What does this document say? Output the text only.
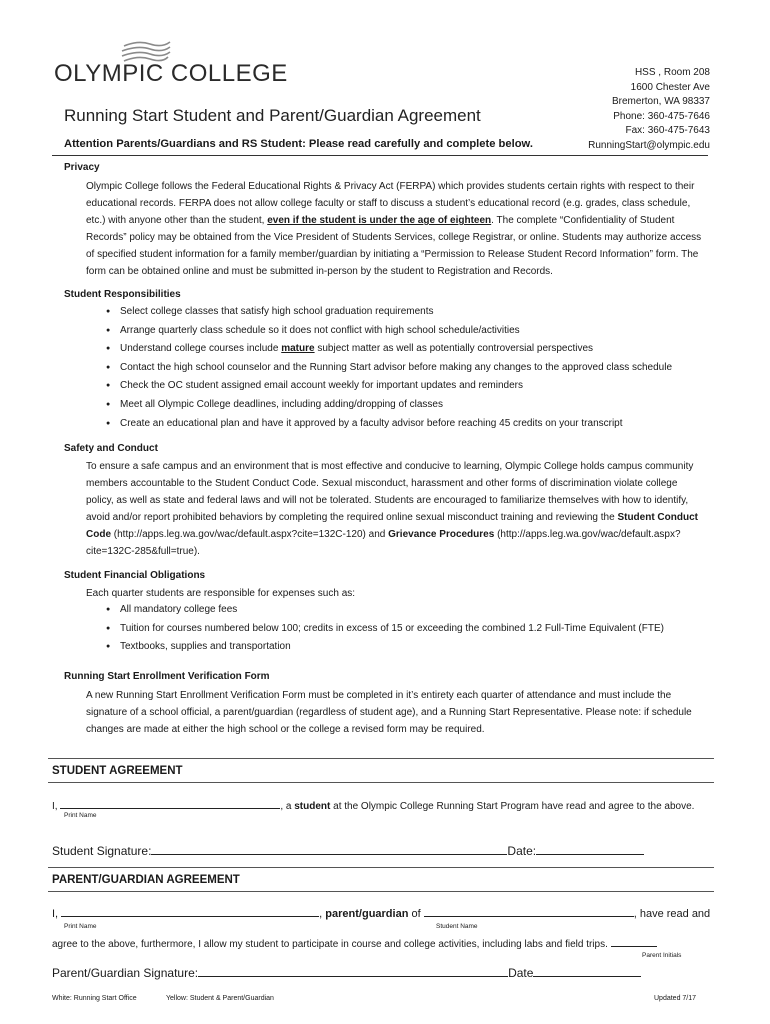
OLYMPIC COLLEGE	HSS , Room 208
1600 Chester Ave
Bremerton, WA 98337
Phone: 360-475-7646
Fax: 360-475-7643
RunningStart@olympic.edu
Running Start Student and Parent/Guardian Agreement
Attention Parents/Guardians and RS Student: Please read carefully and complete below.
Privacy
Olympic College follows the Federal Educational Rights & Privacy Act (FERPA) which provides students certain rights with respect to their educational records. FERPA does not allow college faculty or staff to discuss a student’s educational record (e.g. grades, class schedule, etc.) with anyone other than the student, even if the student is under the age of eighteen. The complete “Confidentiality of Student Records” policy may be obtained from the Vice President of Students Services, college Registrar, or online. Students may authorize access of specified student information for a family member/guardian by initiating a “Permission to Release Student Record Information” form. The form can be obtained online and must be submitted in-person by the student to Registration and Records.
Student Responsibilities
● Select college classes that satisfy high school graduation requirements
● Arrange quarterly class schedule so it does not conflict with high school schedule/activities
● Understand college courses include mature subject matter as well as potentially controversial perspectives
● Contact the high school counselor and the Running Start advisor before making any changes to the approved class schedule
● Check the OC student assigned email account weekly for important updates and reminders
● Meet all Olympic College deadlines, including adding/dropping of classes
● Create an educational plan and have it approved by a faculty advisor before reaching 45 credits on your transcript
Safety and Conduct
To ensure a safe campus and an environment that is most effective and conducive to learning, Olympic College holds campus community members accountable to the Student Conduct Code. Sexual misconduct, harassment and other forms of discrimination violate college policy, as well as state and federal laws and will not be tolerated. Students are encouraged to familiarize themselves with how to identify, avoid and/or report prohibited behaviors by completing the required online sexual misconduct training and reviewing the Student Conduct Code (http://apps.leg.wa.gov/wac/default.aspx?cite=132C-120) and Grievance Procedures (http://apps.leg.wa.gov/wac/default.aspx?cite=132C-285&full=true).
Student Financial Obligations
Each quarter students are responsible for expenses such as:
● All mandatory college fees
● Tuition for courses numbered below 100; credits in excess of 15 or exceeding the combined 1.2 Full-Time Equivalent (FTE)
● Textbooks, supplies and transportation
Running Start Enrollment Verification Form
A new Running Start Enrollment Verification Form must be completed in it’s entirety each quarter of attendance and must include the signature of a school official, a parent/guardian (regardless of student age), and a Running Start Representative. Please note: if schedule changes are made at either the high school or the college a revised form may be required.
STUDENT AGREEMENT
I,	, a student at the Olympic College Running Start Program have read and agree to the above.
Print Name
Student Signature:	Date:
PARENT/GUARDIAN AGREEMENT
I,	, parent/guardian of	, have read and
Print Name	Student Name
agree to the above, furthermore, I allow my student to participate in course and college activities, including labs and field trips.
Parent Initials
Parent/Guardian Signature:	Date
White: Running Start Office	Yellow: Student & Parent/Guardian	Updated 7/17
